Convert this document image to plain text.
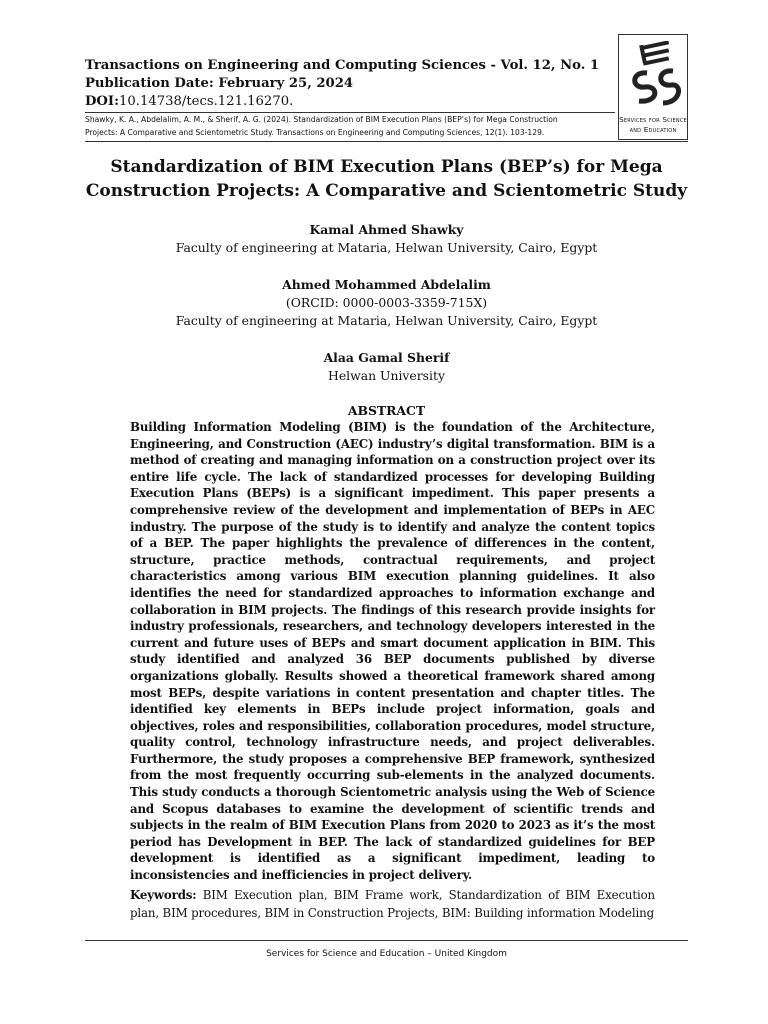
Transactions on Engineering and Computing Sciences - Vol. 12, No. 1
Publication Date: February 25, 2024
DOI:10.14738/tecs.121.16270.
Shawky, K. A., Abdelalim, A. M., & Sherif, A. G. (2024). Standardization of BIM Execution Plans (BEP’s) for Mega Construction
Projects: A Comparative and Scientometric Study. Transactions on Engineering and Computing Sciences, 12(1). 103-129.
Services for Science
and Education
Standardization of BIM Execution Plans (BEP’s) for Mega
Construction Projects: A Comparative and Scientometric Study
Kamal Ahmed Shawky
Faculty of engineering at Mataria, Helwan University, Cairo, Egypt
Ahmed Mohammed Abdelalim
(ORCID: 0000-0003-3359-715X)
Faculty of engineering at Mataria, Helwan University, Cairo, Egypt
Alaa Gamal Sherif
Helwan University
ABSTRACT
Building Information Modeling (BIM) is the foundation of the Architecture, Engineering, and Construction (AEC) industry’s digital transformation. BIM is a method of creating and managing information on a construction project over its entire life cycle. The lack of standardized processes for developing Building Execution Plans (BEPs) is a significant impediment. This paper presents a comprehensive review of the development and implementation of BEPs in AEC industry. The purpose of the study is to identify and analyze the content topics of a BEP. The paper highlights the prevalence of differences in the content, structure, practice methods, contractual requirements, and project characteristics among various BIM execution planning guidelines. It also identifies the need for standardized approaches to information exchange and collaboration in BIM projects. The findings of this research provide insights for industry professionals, researchers, and technology developers interested in the current and future uses of BEPs and smart document application in BIM. This study identified and analyzed 36 BEP documents published by diverse organizations globally. Results showed a theoretical framework shared among most BEPs, despite variations in content presentation and chapter titles. The identified key elements in BEPs include project information, goals and objectives, roles and responsibilities, collaboration procedures, model structure, quality control, technology infrastructure needs, and project deliverables. Furthermore, the study proposes a comprehensive BEP framework, synthesized from the most frequently occurring sub-elements in the analyzed documents. This study conducts a thorough Scientometric analysis using the Web of Science and Scopus databases to examine the development of scientific trends and subjects in the realm of BIM Execution Plans from 2020 to 2023 as it’s the most period has Development in BEP. The lack of standardized guidelines for BEP development is identified as a significant impediment, leading to inconsistencies and inefficiencies in project delivery.
Keywords: BIM Execution plan, BIM Frame work, Standardization of BIM Execution plan, BIM procedures, BIM in Construction Projects, BIM: Building information Modeling
Services for Science and Education – United Kingdom
